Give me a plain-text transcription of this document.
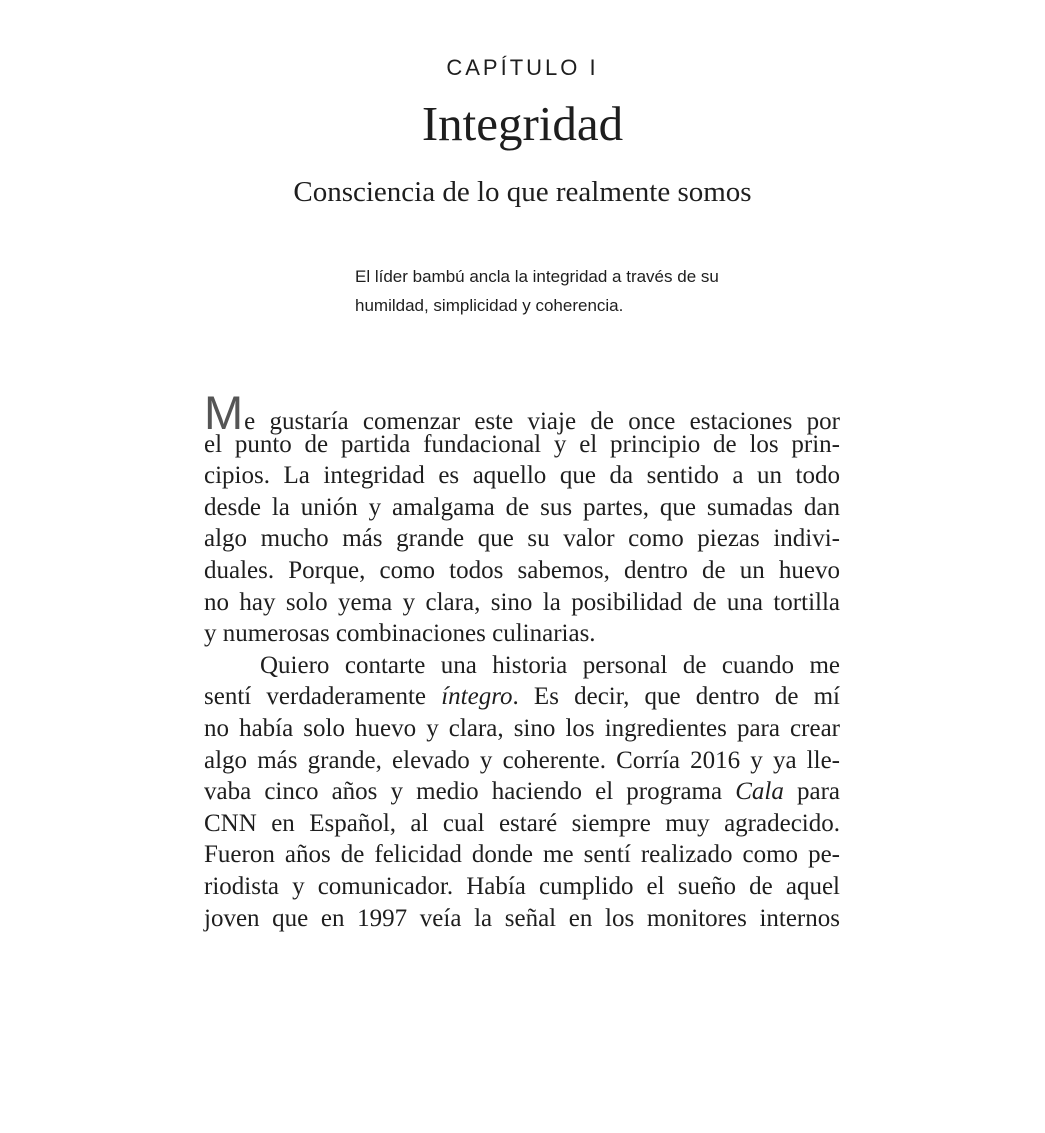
CAPÍTULO I
Integridad
Consciencia de lo que realmente somos
El líder bambú ancla la integridad a través de su
humildad, simplicidad y coherencia.
M e gustaría comenzar este viaje de once estaciones por
el punto de partida fundacional y el principio de los prin-
cipios. La integridad es aquello que da sentido a un todo
desde la unión y amalgama de sus partes, que sumadas dan
algo mucho más grande que su valor como piezas indivi-
duales. Porque, como todos sabemos, dentro de un huevo
no hay solo yema y clara, sino la posibilidad de una tortilla
y numerosas combinaciones culinarias.
Quiero contarte una historia personal de cuando me
sentí verdaderamente íntegro. Es decir, que dentro de mí
no había solo huevo y clara, sino los ingredientes para crear
algo más grande, elevado y coherente. Corría 2016 y ya lle-
vaba cinco años y medio haciendo el programa Cala para
CNN en Español, al cual estaré siempre muy agradecido.
Fueron años de felicidad donde me sentí realizado como pe-
riodista y comunicador. Había cumplido el sueño de aquel
joven que en 1997 veía la señal en los monitores internos
